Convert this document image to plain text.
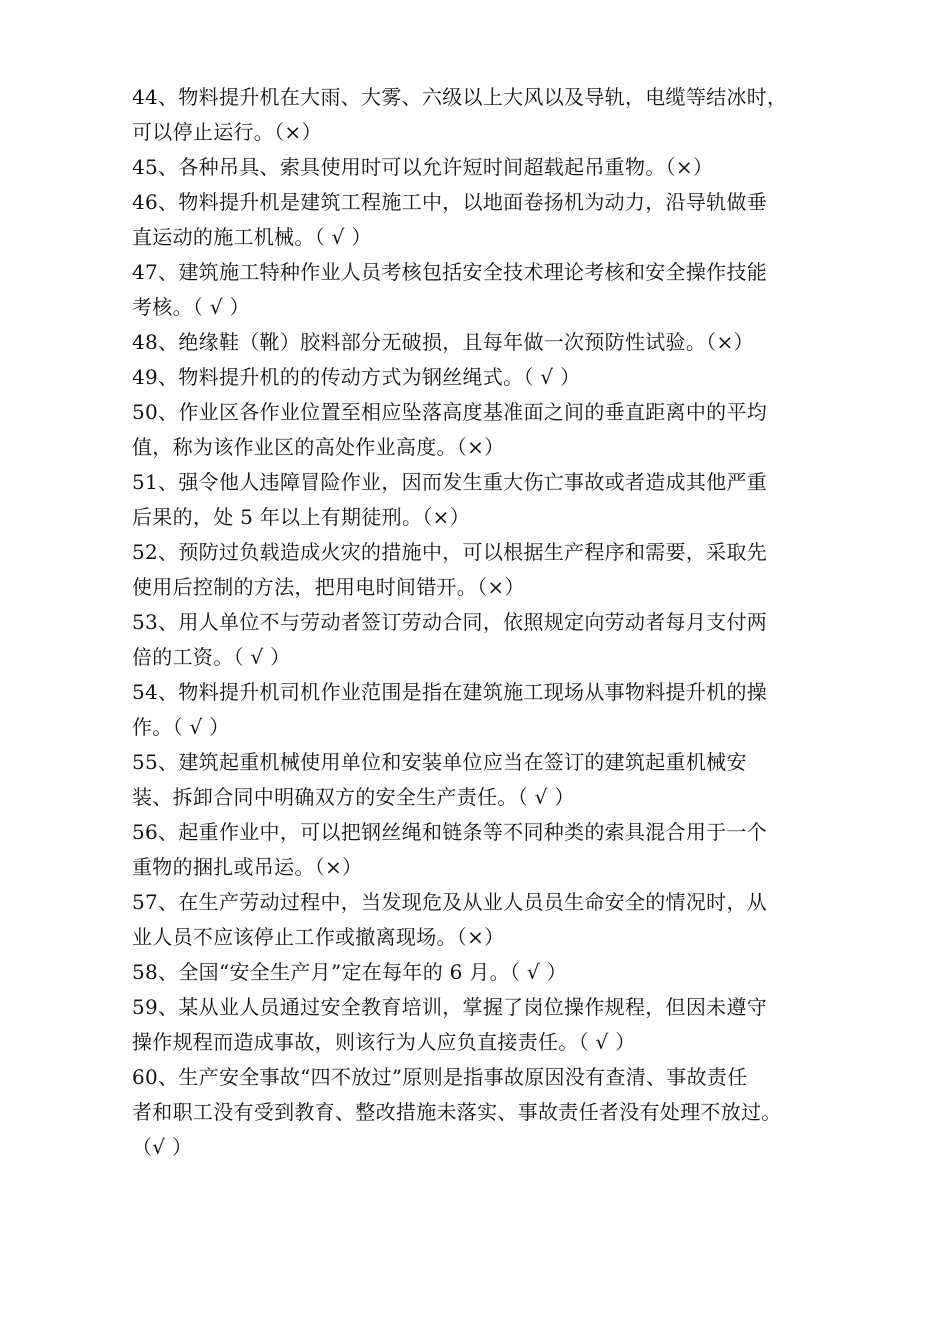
44、物料提升机在大雨、大雾、六级以上大风以及导轨，电缆等结冰时，
可以停止运行。（×）
45、各种吊具、索具使用时可以允许短时间超载起吊重物。（×）
46、物料提升机是建筑工程施工中，以地面卷扬机为动力，沿导轨做垂
直运动的施工机械。（ √ ）
47、建筑施工特种作业人员考核包括安全技术理论考核和安全操作技能
考核。（ √ ）
48、绝缘鞋（靴）胶料部分无破损，且每年做一次预防性试验。（×）
49、物料提升机的的传动方式为钢丝绳式。（ √ ）
50、作业区各作业位置至相应坠落高度基准面之间的垂直距离中的平均
值，称为该作业区的高处作业高度。（×）
51、强令他人违障冒险作业，因而发生重大伤亡事故或者造成其他严重
后果的，处 5 年以上有期徒刑。（×）
52、预防过负载造成火灾的措施中，可以根据生产程序和需要，采取先
使用后控制的方法，把用电时间错开。（×）
53、用人单位不与劳动者签订劳动合同，依照规定向劳动者每月支付两
倍的工资。（ √ ）
54、物料提升机司机作业范围是指在建筑施工现场从事物料提升机的操
作。（ √ ）
55、建筑起重机械使用单位和安装单位应当在签订的建筑起重机械安
装、拆卸合同中明确双方的安全生产责任。（ √ ）
56、起重作业中，可以把钢丝绳和链条等不同种类的索具混合用于一个
重物的捆扎或吊运。（×）
57、在生产劳动过程中，当发现危及从业人员员生命安全的情况时，从
业人员不应该停止工作或撤离现场。（×）
58、全国“安全生产月”定在每年的 6 月。（ √ ）
59、某从业人员通过安全教育培训，掌握了岗位操作规程，但因未遵守
操作规程而造成事故，则该行为人应负直接责任。（ √ ）
60、生产安全事故“四不放过”原则是指事故原因没有查清、事故责任
者和职工没有受到教育、整改措施未落实、事故责任者没有处理不放过。
（√ ）
